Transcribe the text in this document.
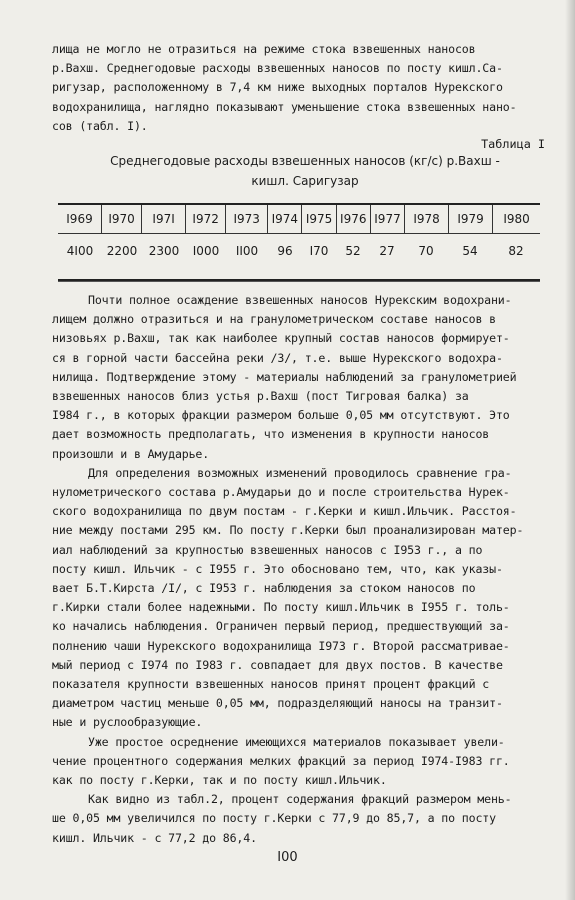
лища не могло не отразиться на режиме стока взвешенных наносов

р.Вахш. Среднегодовые расходы взвешенных наносов по посту кишл.Са-

ригузар, расположенному в 7,4 км ниже выходных порталов Нурекского

водохранилища, наглядно показывают уменьшение стока взвешенных нано-

сов (табл. I).

Таблица I
Среднегодовые расходы взвешенных наносов (кг/с) р.Вахш -
кишл. Саригузар
I969	I970	I97I	I972	I973 I974 I975 I976 I977	I978	I979	I980
4I00	2200 2300	I000	II00	96	I70	52	27	70	54	82

Почти полное осаждение взвешенных наносов Нурекским водохрани-

лищем должно отразиться и на гранулометрическом составе наносов в

низовьях р.Вахш, так как наиболее крупный состав наносов формирует-

ся в горной части бассейна реки /3/, т.е. выше Нурекского водохра-

нилища. Подтверждение этому - материалы наблюдений за гранулометрией

взвешенных наносов близ устья р.Вахш (пост Тигровая балка) за

I984 г., в которых фракции размером больше 0,05 мм отсутствуют. Это

дает возможность предполагать, что изменения в крупности наносов

произошли и в Амударье.

Для определения возможных изменений проводилось сравнение гра-

нулометрического состава р.Амударьи до и после строительства Нурек-

ского водохранилища по двум постам - г.Керки и кишл.Ильчик. Расстоя-

ние между постами 295 км. По посту г.Керки был проанализирован матер-

иал наблюдений за крупностью взвешенных наносов с I953 г., а по

посту кишл. Ильчик - с I955 г. Это обосновано тем, что, как указы-

вает Б.Т.Кирста /I/, с I953 г. наблюдения за стоком наносов по

г.Кирки стали более надежными. По посту кишл.Ильчик в I955 г. толь-

ко начались наблюдения. Ограничен первый период, предшествующий за-

полнению чаши Нурекского водохранилища I973 г. Второй рассматривае-

мый период с I974 по I983 г. совпадает для двух постов. В качестве

показателя крупности взвешенных наносов принят процент фракций с

диаметром частиц меньше 0,05 мм, подразделяющий наносы на транзит-

ные и руслообразующие.

Уже простое осреднение имеющихся материалов показывает увели-

чение процентного содержания мелких фракций за период I974-I983 гг.

как по посту г.Керки, так и по посту кишл.Ильчик.

Как видно из табл.2, процент содержания фракций размером мень-

ше 0,05 мм увеличился по посту г.Керки с 77,9 до 85,7, а по посту

кишл. Ильчик - с 77,2 до 86,4.

I00
